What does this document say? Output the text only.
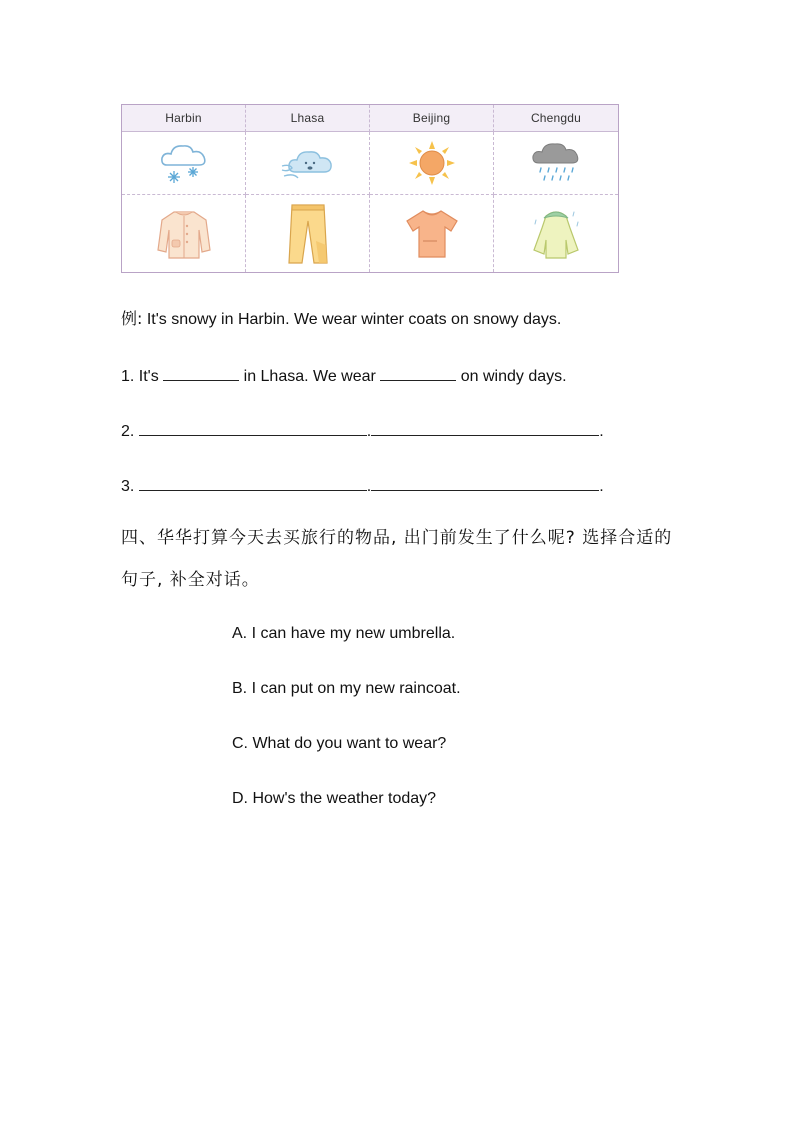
Harbin	Lhasa	Beijing	Chengdu
例: It's snowy in Harbin. We wear winter coats on snowy days.
1. It's	in Lhasa. We wear	on windy days.
2.	.	.
3.	.	.
四、华华打算今天去买旅行的物品, 出门前发生了什么呢? 选择合适的句子, 补全对话。
A. I can have my new umbrella.
B. I can put on my new raincoat.
C. What do you want to wear?
D. How's the weather today?
